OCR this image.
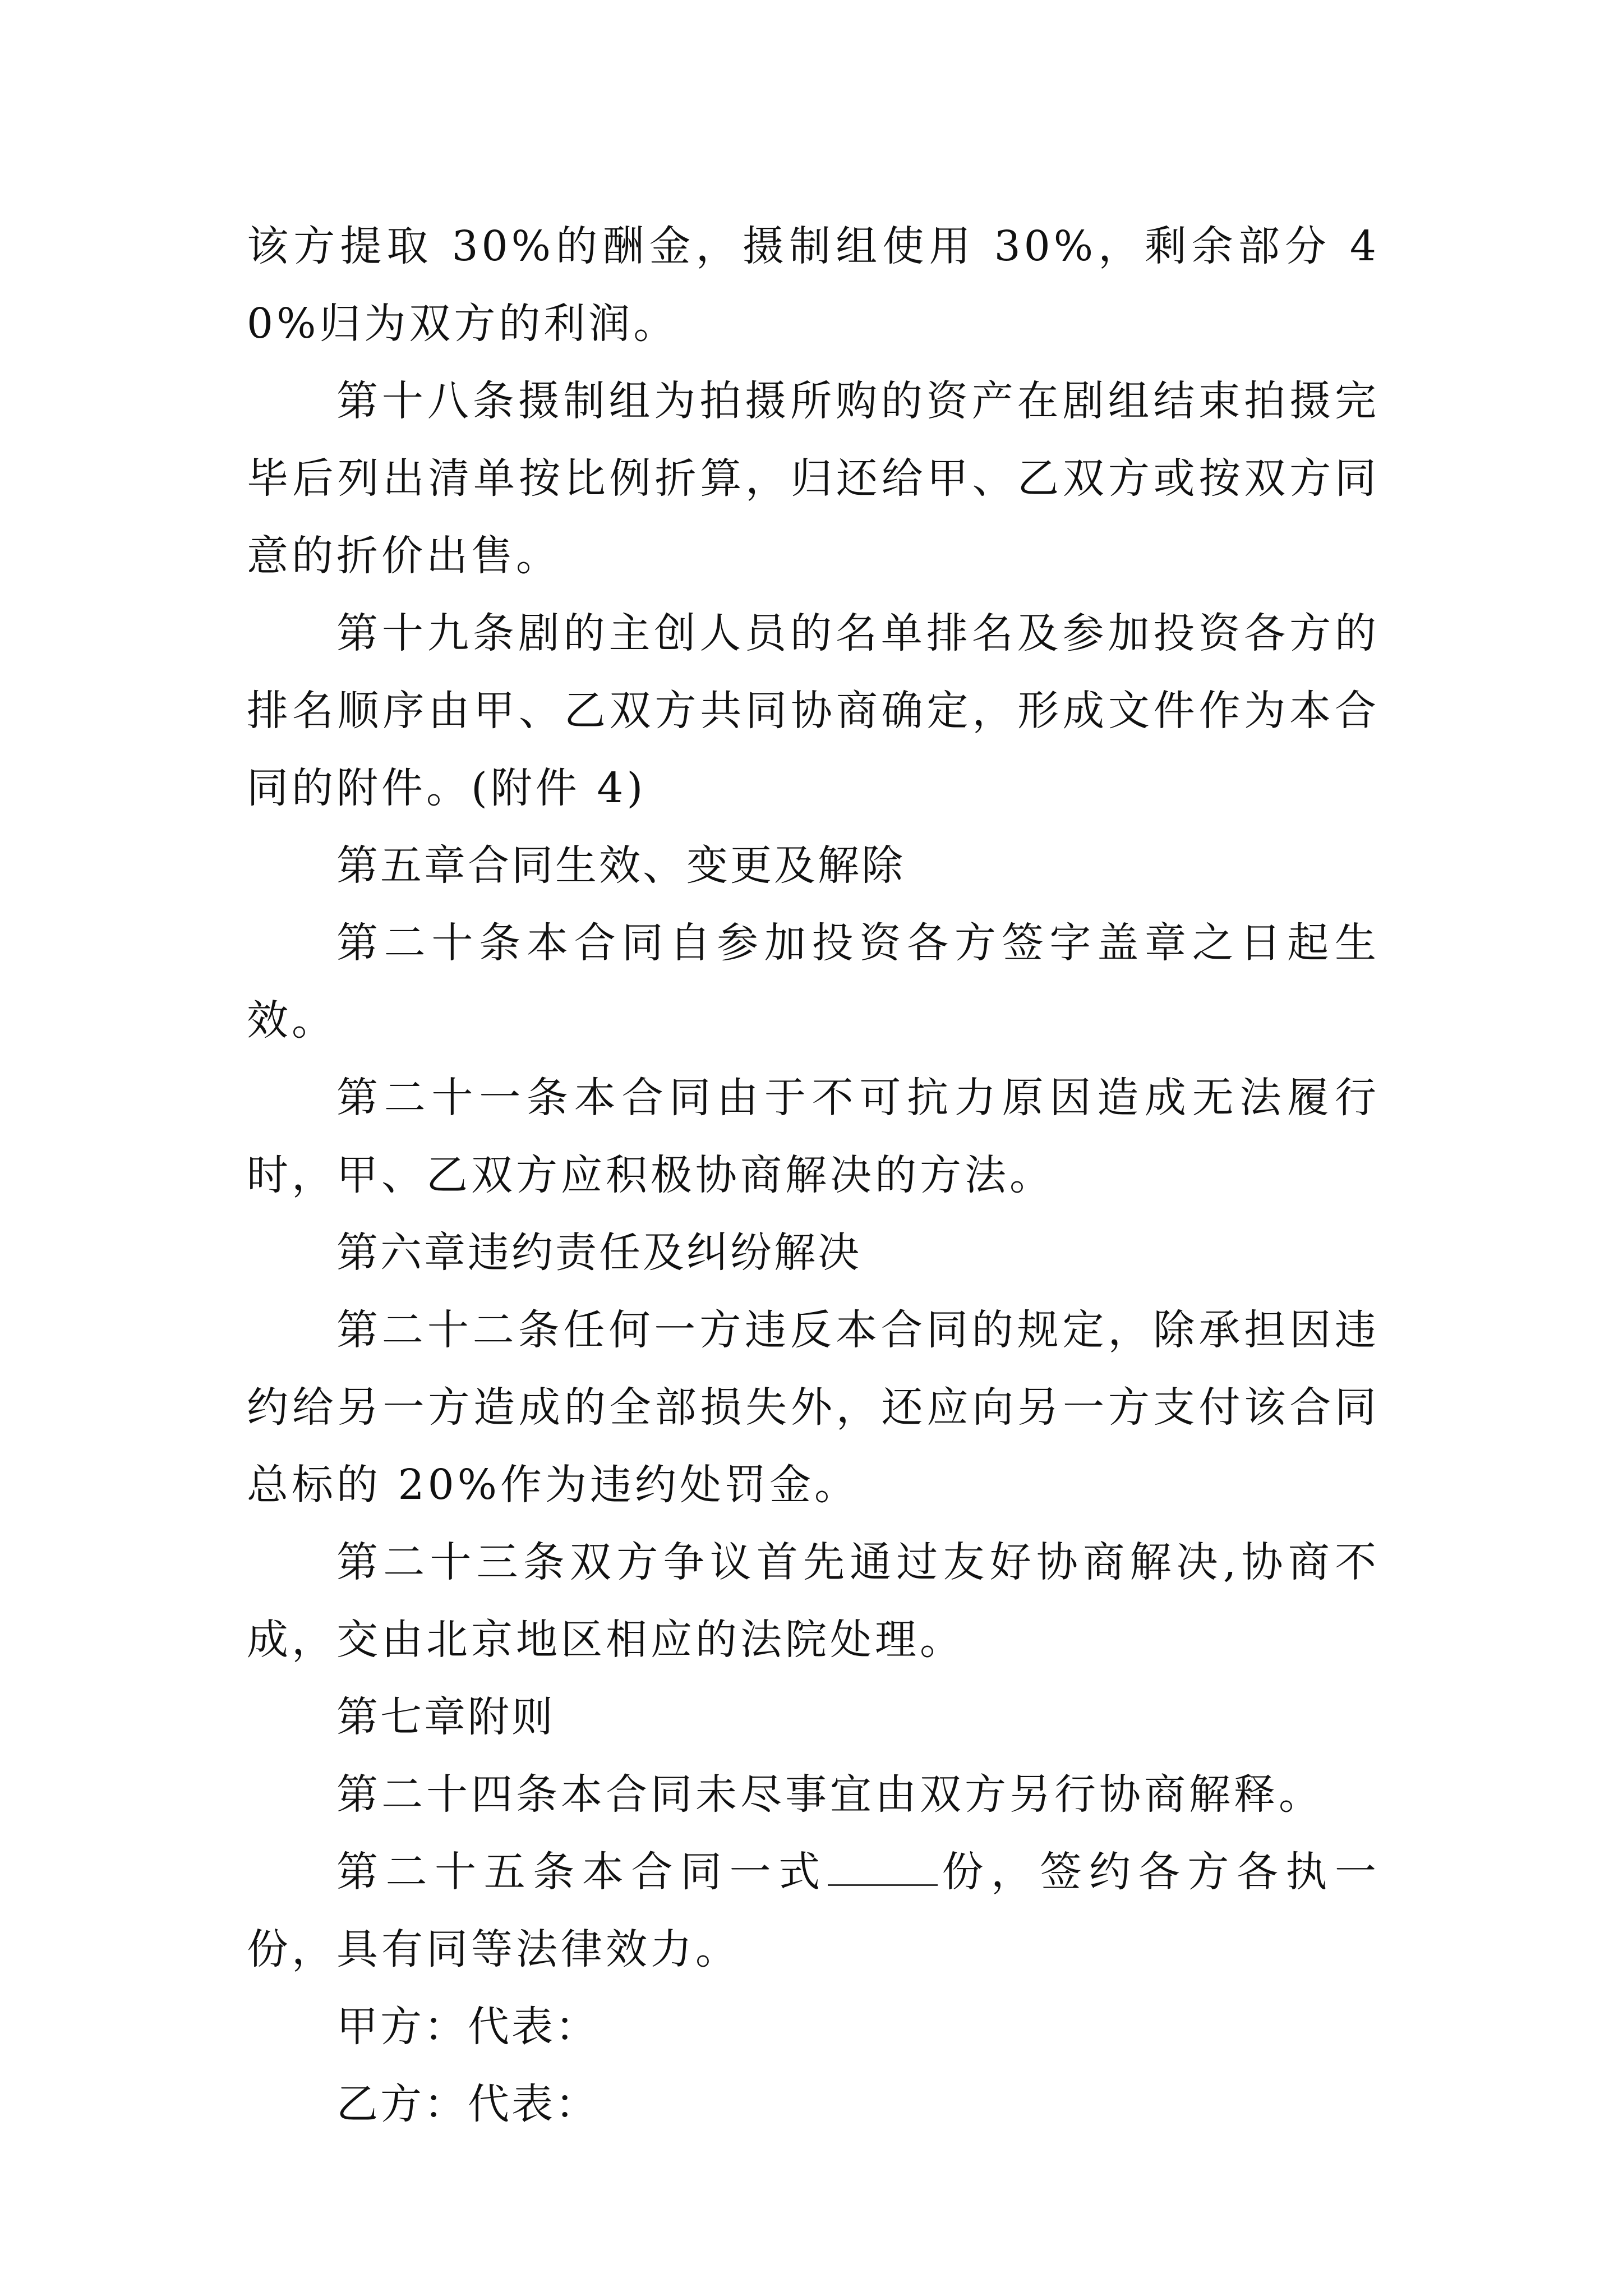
该方提取 30%的酬金，摄制组使用 30%，剩余部分 40%归为双方的利润。

第十八条摄制组为拍摄所购的资产在剧组结束拍摄完毕后列出清单按比例折算，归还给甲、乙双方或按双方同意的折价出售。

第十九条剧的主创人员的名单排名及参加投资各方的排名顺序由甲、乙双方共同协商确定，形成文件作为本合同的附件。(附件 4)

第五章合同生效、变更及解除

第二十条本合同自参加投资各方签字盖章之日起生效。

第二十一条本合同由于不可抗力原因造成无法履行时，甲、乙双方应积极协商解决的方法。

第六章违约责任及纠纷解决

第二十二条任何一方违反本合同的规定，除承担因违约给另一方造成的全部损失外，还应向另一方支付该合同总标的 20%作为违约处罚金。

第二十三条双方争议首先通过友好协商解决,协商不成，交由北京地区相应的法院处理。

第七章附则

第二十四条本合同未尽事宜由双方另行协商解释。

第二十五条本合同一式	份，签约各方各执一份，具有同等法律效力。

甲方：代表：

乙方：代表：
